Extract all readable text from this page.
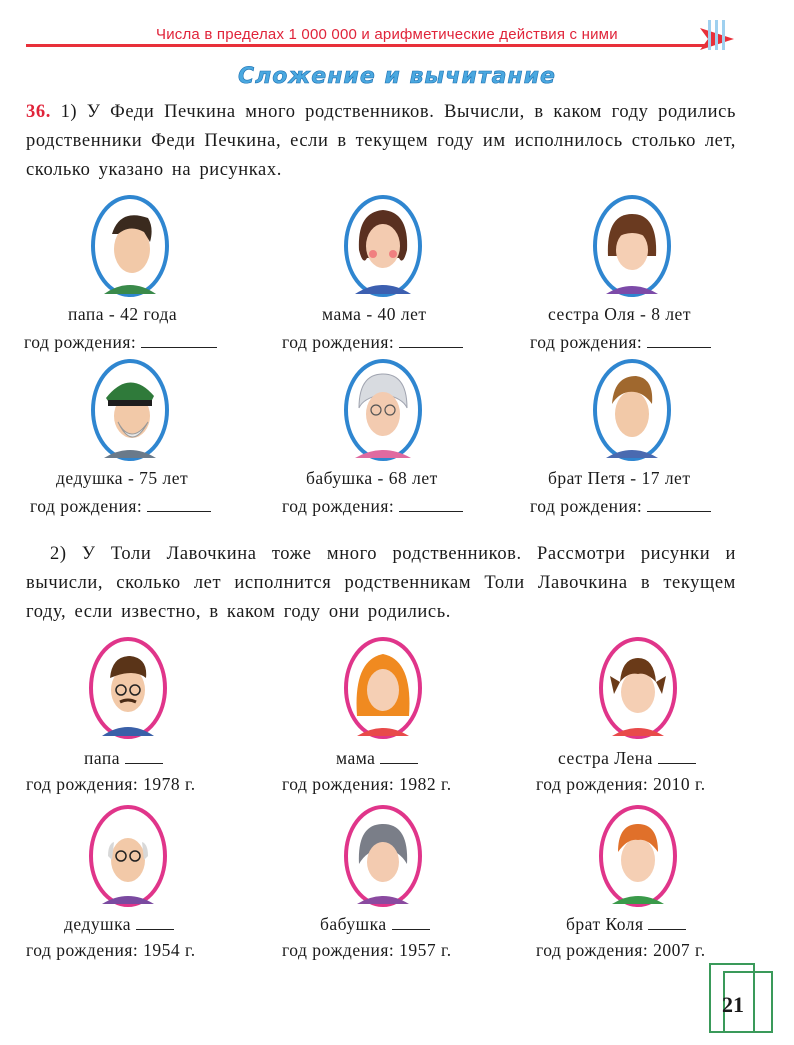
Числа в пределах 1 000 000 и арифметические действия с ними
Сложение и вычитание
36. 1) У Феди Печкина много родственников. Вычисли, в каком году родились родственники Феди Печкина, если в текущем году им исполнилось столько лет, сколько указано на рисунках.
папа - 42 года
год рождения:
мама - 40 лет
год рождения:
сестра Оля - 8 лет
год рождения:
дедушка - 75 лет
год рождения:
бабушка - 68 лет
год рождения:
брат Петя - 17 лет
год рождения:
2) У Толи Лавочкина тоже много родственников. Рассмотри рисунки и вычисли, сколько лет исполнится родственникам Толи Лавочкина в текущем году, если известно, в каком году они родились.
папа
год рождения: 1978 г.
мама
год рождения: 1982 г.
сестра Лена
год рождения: 2010 г.
дедушка
год рождения: 1954 г.
бабушка
год рождения: 1957 г.
брат Коля
год рождения: 2007 г.
21
